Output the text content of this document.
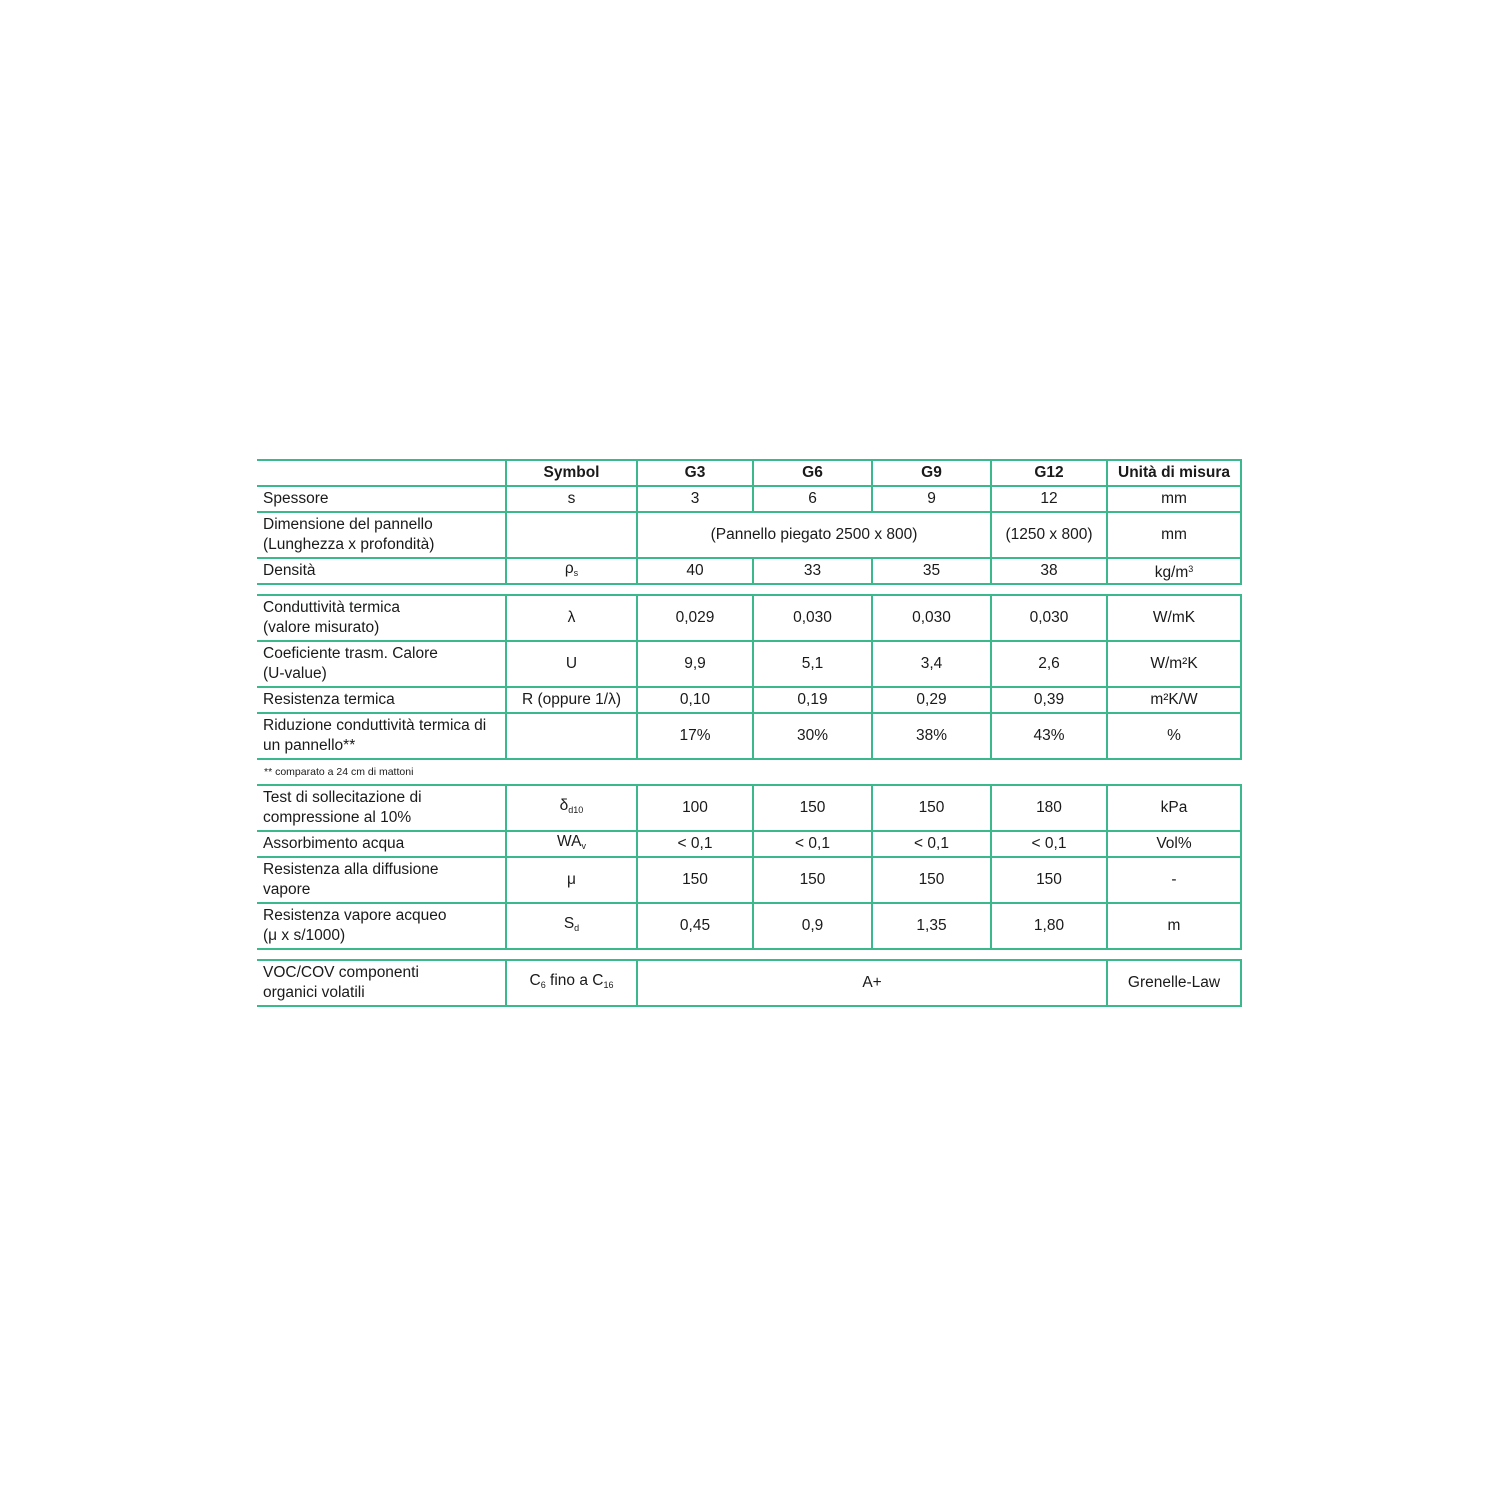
	Symbol	G3	G6	G9	G12	Unità di misura
Spessore	s	3	6	9	12	mm
Dimensione del pannello
(Lunghezza x profondità)		(Pannello piegato 2500 x 800)			(1250 x 800)	mm
Densità	$\rho_s$	40	33	35	38	$kg/m^3$
Conduttività termica
(valore misurato)	λ	0,029	0,030	0,030	0,030	W/mK
Coeficiente trasm. Calore
(U-value)	U	9,9	5,1	3,4	2,6	W/m²K
Resistenza termica	R (oppure 1/λ)	0,10	0,19	0,29	0,39	m²K/W
Riduzione conduttività termica di
un pannello**		17%	30%	38%	43%	%
** comparato a 24 cm di mattoni
Test di sollecitazione di
compressione al 10%	$\delta_{d10}$	100	150	150	180	kPa
Assorbimento acqua	$WA_v$	< 0,1	< 0,1	< 0,1	< 0,1	Vol%
Resistenza alla diffusione
vapore	μ	150	150	150	150	-
Resistenza vapore acqueo
(μ x s/1000)	$S_d$	0,45	0,9	1,35	1,80	m
VOC/COV componenti
organici volatili	$C_6$ fino a $C_{16}$	A+	Grenelle-Law
